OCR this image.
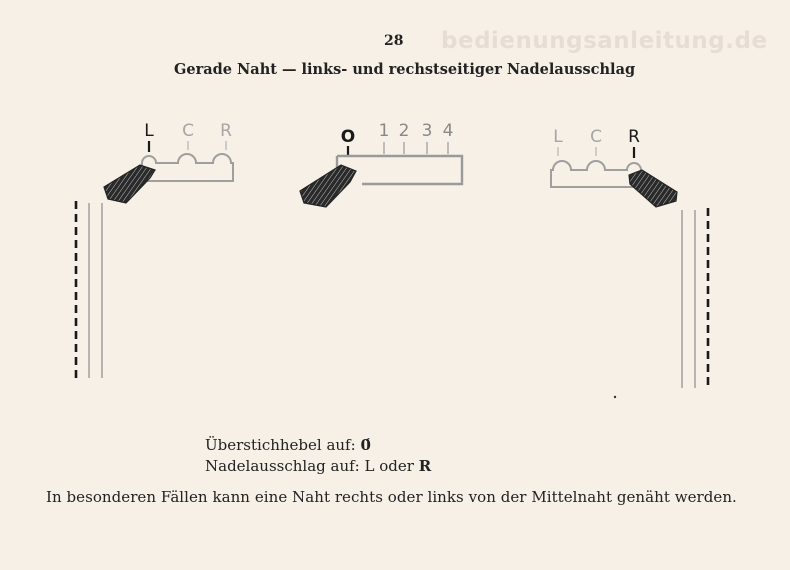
28 bedienungsanleitung.de
Gerade Naht — links- und rechstseitiger Nadelausschlag
L C R	O 1 2 3 4	L C R
Überstichhebel auf: 0́
Nadelausschlag auf: L oder R
In besonderen Fällen kann eine Naht rechts oder links von der Mittelnaht genäht werden.
